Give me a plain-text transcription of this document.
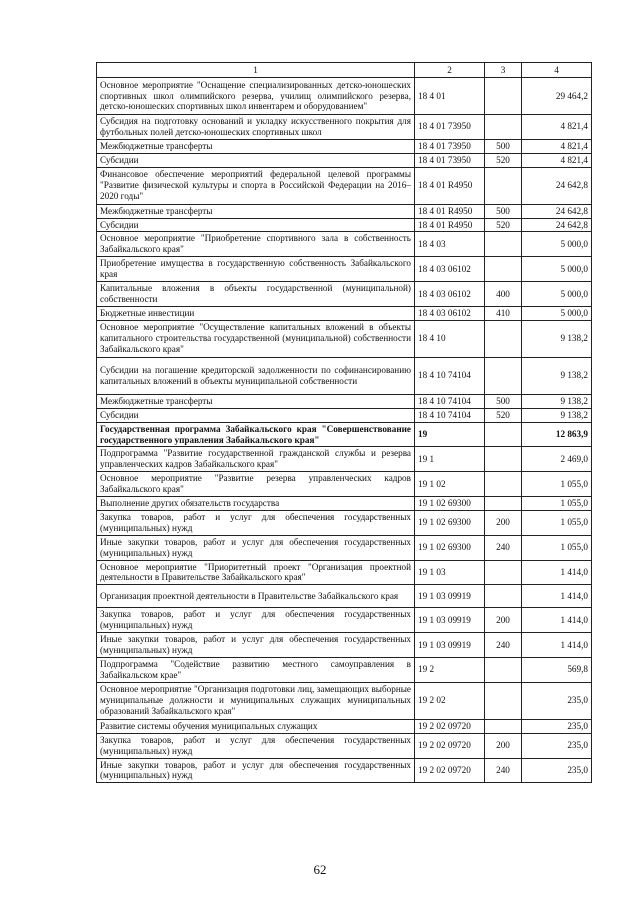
1	2	3	4
Основное мероприятие "Оснащение специализированных детско-юношеских спортивных школ олимпийского резерва, училищ олимпийского резерва, детско-юношеских спортивных школ инвентарем и оборудованием"	18 4 01		29 464,2
Субсидия на подготовку оснований и укладку искусственного покрытия для футбольных полей детско-юношеских спортивных школ	18 4 01 73950		4 821,4
Межбюджетные трансферты	18 4 01 73950	500	4 821,4
Субсидии	18 4 01 73950	520	4 821,4
Финансовое обеспечение мероприятий федеральной целевой программы "Развитие физической культуры и спорта в Российской Федерации на 2016–2020 годы"	18 4 01 R4950		24 642,8
Межбюджетные трансферты	18 4 01 R4950	500	24 642,8
Субсидии	18 4 01 R4950	520	24 642,8
Основное мероприятие "Приобретение спортивного зала в собственность Забайкальского края"	18 4 03		5 000,0
Приобретение имущества в государственную собственность Забайкальского края	18 4 03 06102		5 000,0
Капитальные вложения в объекты государственной (муниципальной) собственности	18 4 03 06102	400	5 000,0
Бюджетные инвестиции	18 4 03 06102	410	5 000,0
Основное мероприятие "Осуществление капитальных вложений в объекты капитального строительства государственной (муниципальной) собственности Забайкальского края"	18 4 10		9 138,2
Субсидии на погашение кредиторской задолженности по софинансированию капитальных вложений в объекты муниципальной собственности	18 4 10 74104		9 138,2
Межбюджетные трансферты	18 4 10 74104	500	9 138,2
Субсидии	18 4 10 74104	520	9 138,2
Государственная программа Забайкальского края "Совершенствование государственного управления Забайкальского края"	19		12 863,9
Подпрограмма "Развитие государственной гражданской службы и резерва управленческих кадров Забайкальского края"	19 1		2 469,0
Основное мероприятие "Развитие резерва управленческих кадров Забайкальского края"	19 1 02		1 055,0
Выполнение других обязательств государства	19 1 02 69300		1 055,0
Закупка товаров, работ и услуг для обеспечения государственных (муниципальных) нужд	19 1 02 69300	200	1 055,0
Иные закупки товаров, работ и услуг для обеспечения государственных (муниципальных) нужд	19 1 02 69300	240	1 055,0
Основное мероприятие "Приоритетный проект "Организация проектной деятельности в Правительстве Забайкальского края"	19 1 03		1 414,0
Организация проектной деятельности в Правительстве Забайкальского края	19 1 03 09919		1 414,0
Закупка товаров, работ и услуг для обеспечения государственных (муниципальных) нужд	19 1 03 09919	200	1 414,0
Иные закупки товаров, работ и услуг для обеспечения государственных (муниципальных) нужд	19 1 03 09919	240	1 414,0
Подпрограмма "Содействие развитию местного самоуправления в Забайкальском крае"	19 2		569,8
Основное мероприятие "Организация подготовки лиц, замещающих выборные муниципальные должности и муниципальных служащих муниципальных образований Забайкальского края"	19 2 02		235,0
Развитие системы обучения муниципальных служащих	19 2 02 09720		235,0
Закупка товаров, работ и услуг для обеспечения государственных (муниципальных) нужд	19 2 02 09720	200	235,0
Иные закупки товаров, работ и услуг для обеспечения государственных (муниципальных) нужд	19 2 02 09720	240	235,0
62
